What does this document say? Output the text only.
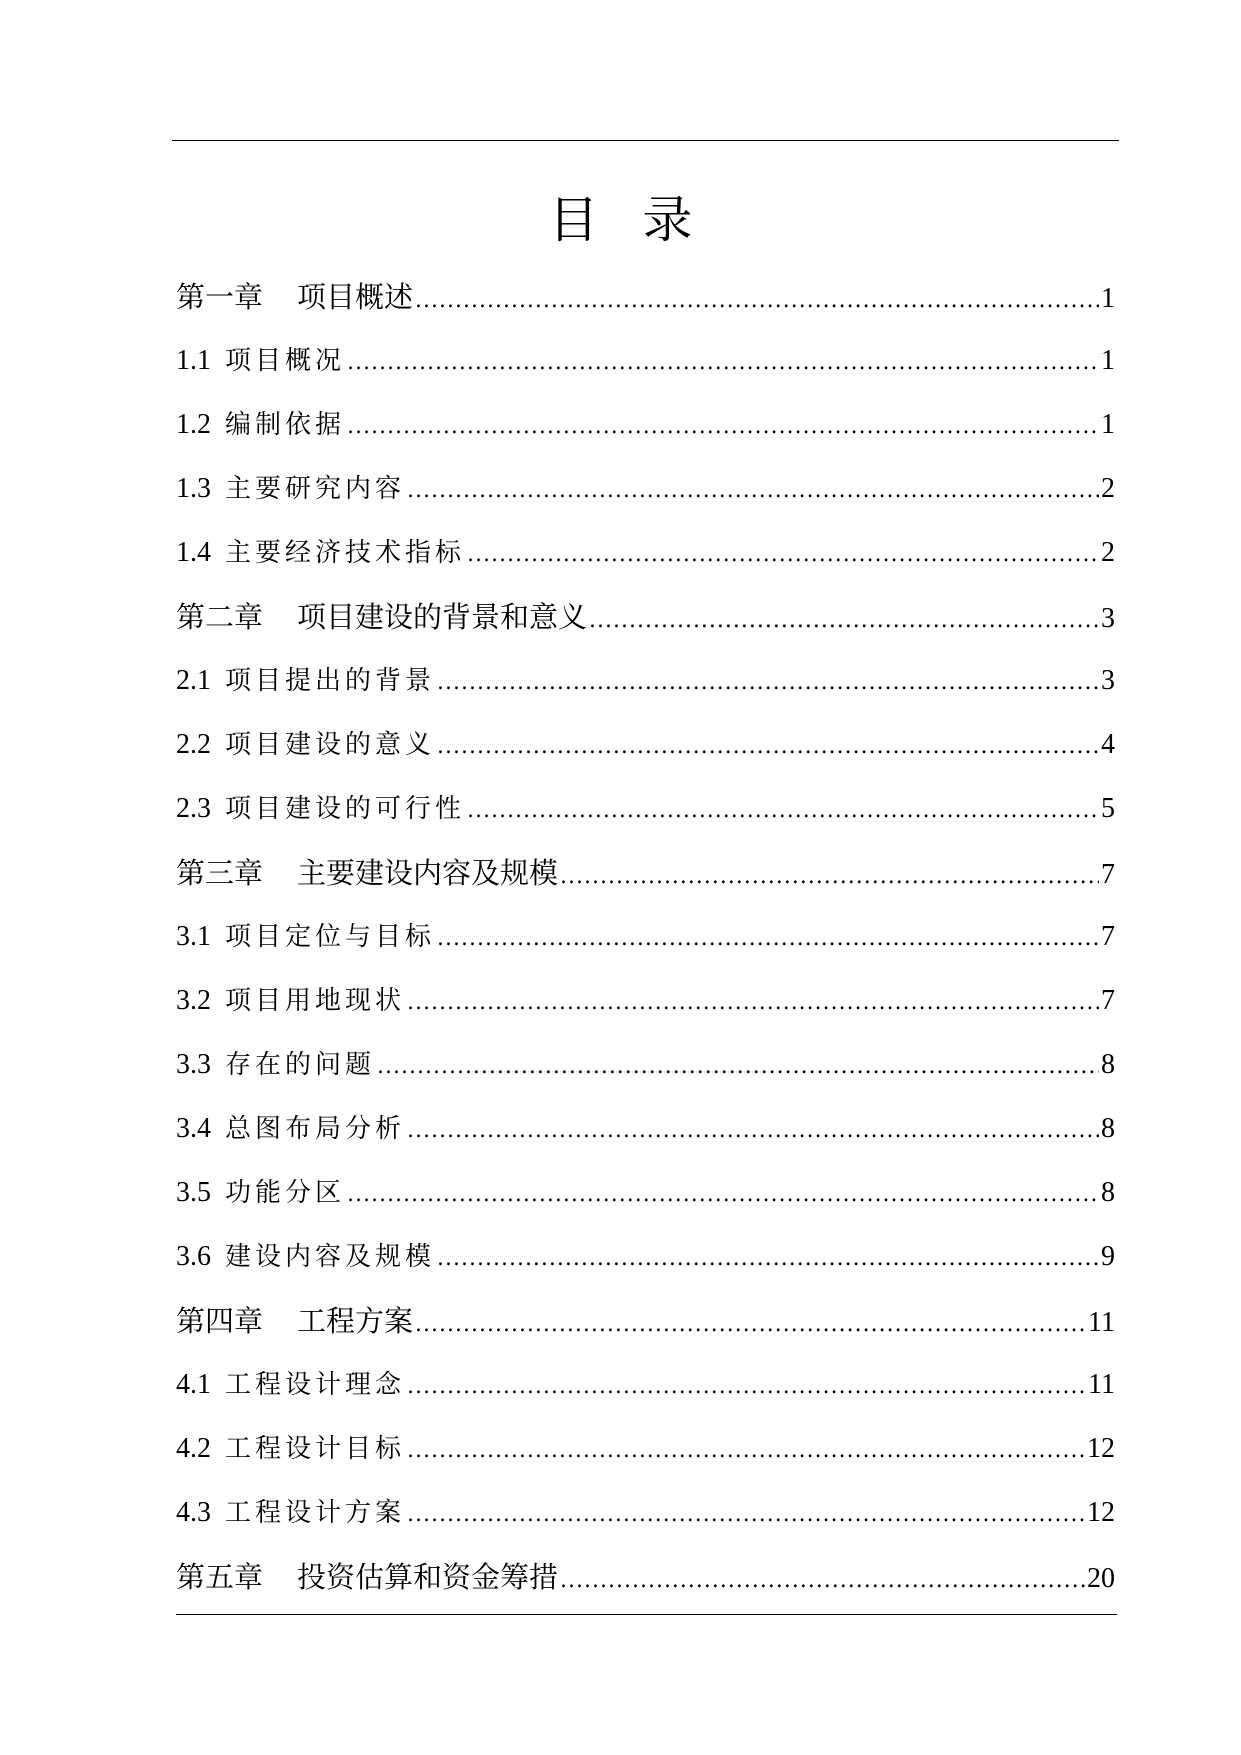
目 录
第一章 项目概述 .....	1
1.1 项目概况 .....	1
1.2 编制依据 .....	1
1.3 主要研究内容 .....	2
1.4 主要经济技术指标 .....	2
第二章 项目建设的背景和意义 .....	3
2.1 项目提出的背景 .....	3
2.2 项目建设的意义 .....	4
2.3 项目建设的可行性 .....	5
第三章 主要建设内容及规模 .....	7
3.1 项目定位与目标 .....	7
3.2 项目用地现状 .....	7
3.3 存在的问题 .....	8
3.4 总图布局分析 .....	8
3.5 功能分区 .....	8
3.6 建设内容及规模 .....	9
第四章 工程方案 .....	11
4.1 工程设计理念 .....	11
4.2 工程设计目标 .....	12
4.3 工程设计方案 .....	12
第五章 投资估算和资金筹措 .....	20
